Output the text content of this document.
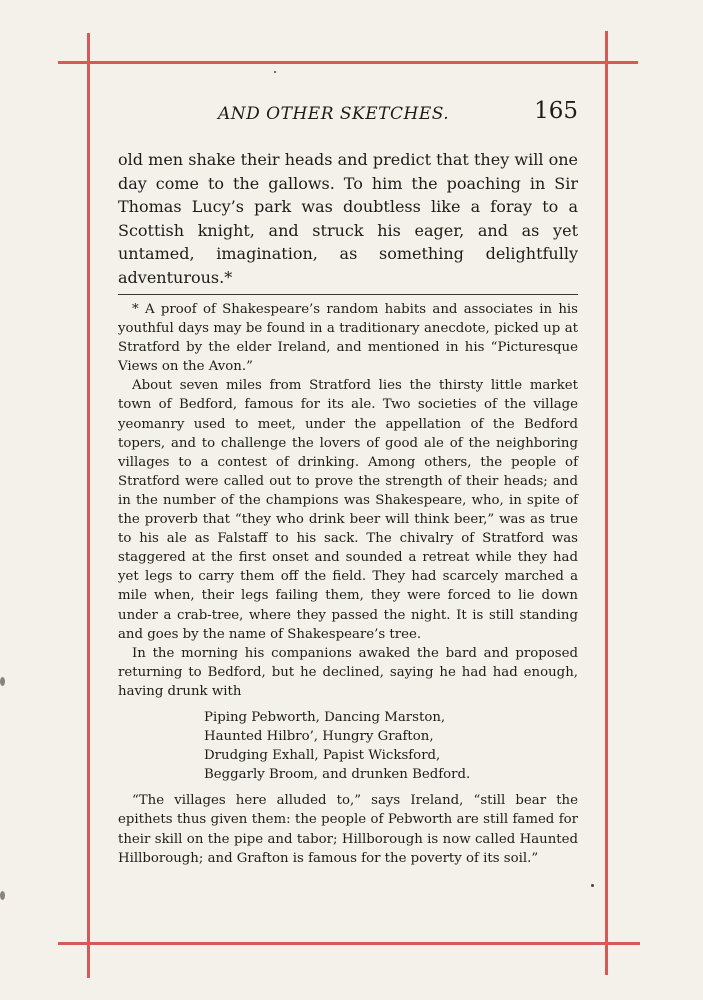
AND OTHER SKETCHES.	165

old men shake their heads and predict that they will one day come to the gallows. To him the poaching in Sir Thomas Lucy’s park was doubtless like a foray to a Scottish knight, and struck his eager, and as yet untamed, imagination, as something delightfully adventurous.*

* A proof of Shakespeare’s random habits and associates in his youthful days may be found in a traditionary anecdote, picked up at Stratford by the elder Ireland, and mentioned in his “Picturesque Views on the Avon.”

About seven miles from Stratford lies the thirsty little market town of Bedford, famous for its ale. Two societies of the village yeomanry used to meet, under the appellation of the Bedford topers, and to challenge the lovers of good ale of the neighboring villages to a contest of drinking. Among others, the people of Stratford were called out to prove the strength of their heads; and in the number of the champions was Shakespeare, who, in spite of the proverb that “they who drink beer will think beer,” was as true to his ale as Falstaff to his sack. The chivalry of Stratford was staggered at the first onset and sounded a retreat while they had yet legs to carry them off the field. They had scarcely marched a mile when, their legs failing them, they were forced to lie down under a crab-tree, where they passed the night. It is still standing and goes by the name of Shakespeare’s tree.

In the morning his companions awaked the bard and proposed returning to Bedford, but he declined, saying he had had enough, having drunk with

Piping Pebworth, Dancing Marston,
Haunted Hilbro’, Hungry Grafton,
Drudging Exhall, Papist Wicksford,
Beggarly Broom, and drunken Bedford.

“The villages here alluded to,” says Ireland, “still bear the epithets thus given them: the people of Pebworth are still famed for their skill on the pipe and tabor; Hillborough is now called Haunted Hillborough; and Grafton is famous for the poverty of its soil.”
